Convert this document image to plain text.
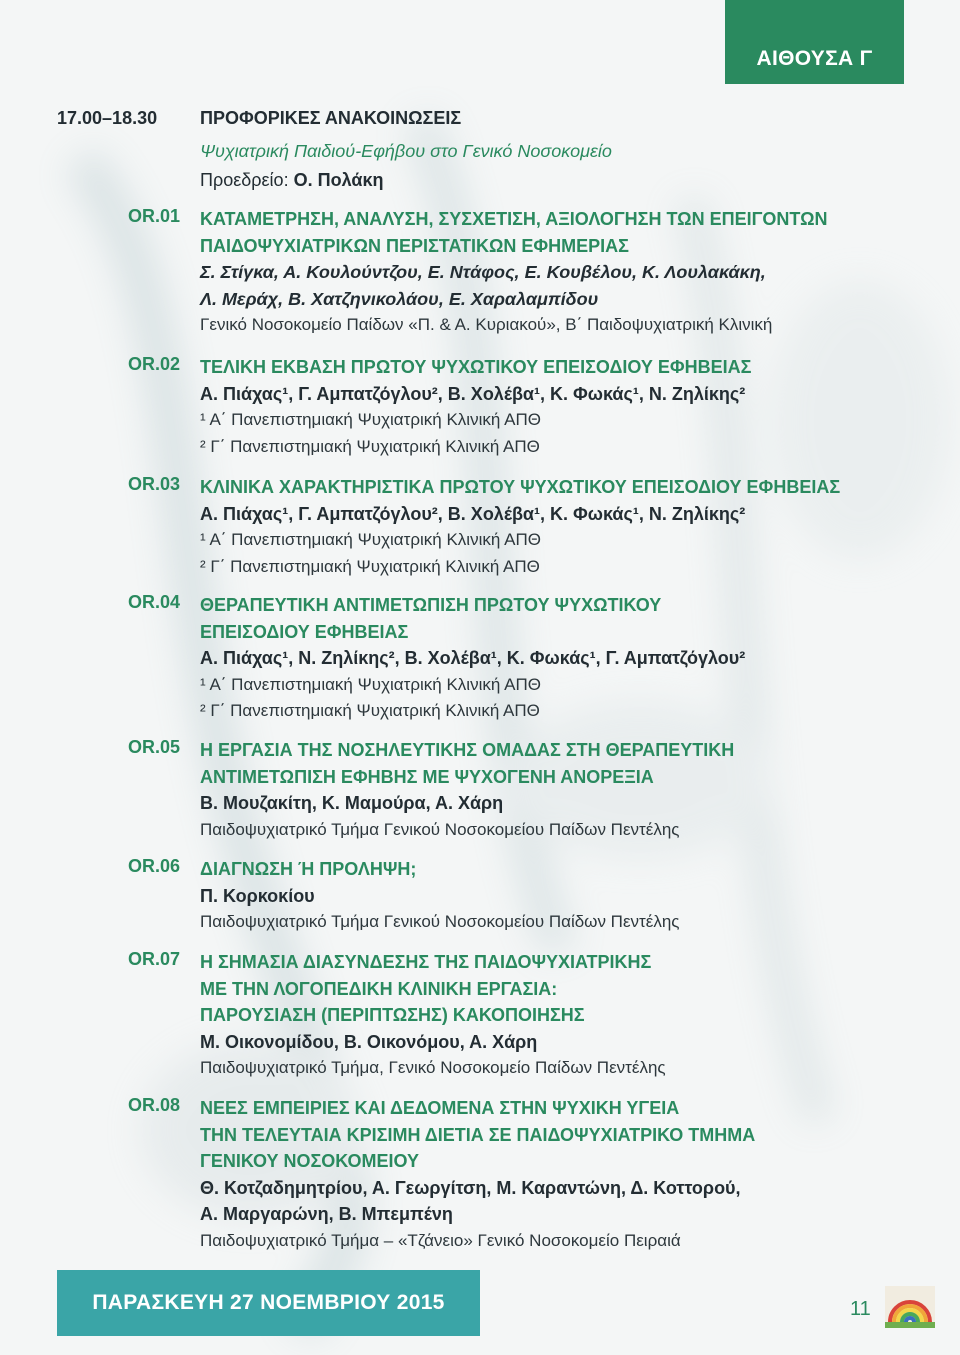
ΑΙΘΟΥΣΑ Γ
17.00–18.30 ΠΡΟΦΟΡΙΚΕΣ ΑΝΑΚΟΙΝΩΣΕΙΣ
Ψυχιατρική Παιδιού-Εφήβου στο Γενικό Νοσοκομείο
Προεδρείο: Ο. Πολάκη
OR.01 ΚΑΤΑΜΕΤΡΗΣΗ, ΑΝΑΛΥΣΗ, ΣΥΣΧΕΤΙΣΗ, ΑΞΙΟΛΟΓΗΣΗ ΤΩΝ ΕΠΕΙΓΟΝΤΩΝ
ΠΑΙΔΟΨΥΧΙΑΤΡΙΚΩΝ ΠΕΡΙΣΤΑΤΙΚΩΝ ΕΦΗΜΕΡΙΑΣ
Σ. Στίγκα, Α. Κουλούντζου, Ε. Ντάφος, Ε. Κουβέλου, Κ. Λουλακάκη,
Λ. Μεράχ, Β. Χατζηνικολάου, Ε. Χαραλαμπίδου
Γενικό Νοσοκομείο Παίδων «Π. & Α. Κυριακού», Β΄ Παιδοψυχιατρική Κλινική
OR.02 ΤΕΛΙΚΗ ΕΚΒΑΣΗ ΠΡΩΤΟΥ ΨΥΧΩΤΙΚΟΥ ΕΠΕΙΣΟΔΙΟΥ ΕΦΗΒΕΙΑΣ
Α. Πιάχας¹, Γ. Αμπατζόγλου², Β. Χολέβα¹, Κ. Φωκάς¹, Ν. Ζηλίκης²
¹ Α΄ Πανεπιστημιακή Ψυχιατρική Κλινική ΑΠΘ
² Γ΄ Πανεπιστημιακή Ψυχιατρική Κλινική ΑΠΘ
OR.03 ΚΛΙΝΙΚΑ ΧΑΡΑΚΤΗΡΙΣΤΙΚΑ ΠΡΩΤΟΥ ΨΥΧΩΤΙΚΟΥ ΕΠΕΙΣΟΔΙΟΥ ΕΦΗΒΕΙΑΣ
Α. Πιάχας¹, Γ. Αμπατζόγλου², Β. Χολέβα¹, Κ. Φωκάς¹, Ν. Ζηλίκης²
¹ Α΄ Πανεπιστημιακή Ψυχιατρική Κλινική ΑΠΘ
² Γ΄ Πανεπιστημιακή Ψυχιατρική Κλινική ΑΠΘ
OR.04 ΘΕΡΑΠΕΥΤΙΚΗ ΑΝΤΙΜΕΤΩΠΙΣΗ ΠΡΩΤΟΥ ΨΥΧΩΤΙΚΟΥ
ΕΠΕΙΣΟΔΙΟΥ ΕΦΗΒΕΙΑΣ
Α. Πιάχας¹, Ν. Ζηλίκης², Β. Χολέβα¹, Κ. Φωκάς¹, Γ. Αμπατζόγλου²
¹ Α΄ Πανεπιστημιακή Ψυχιατρική Κλινική ΑΠΘ
² Γ΄ Πανεπιστημιακή Ψυχιατρική Κλινική ΑΠΘ
OR.05 Η ΕΡΓΑΣΙΑ ΤΗΣ ΝΟΣΗΛΕΥΤΙΚΗΣ ΟΜΑΔΑΣ ΣΤΗ ΘΕΡΑΠΕΥΤΙΚΗ
ΑΝΤΙΜΕΤΩΠΙΣΗ ΕΦΗΒΗΣ ΜΕ ΨΥΧΟΓΕΝΗ ΑΝΟΡΕΞΙΑ
Β. Μουζακίτη, Κ. Μαμούρα, Α. Χάρη
Παιδοψυχιατρικό Τμήμα Γενικού Νοσοκομείου Παίδων Πεντέλης
OR.06 ΔΙΑΓΝΩΣΗ Ή ΠΡΟΛΗΨΗ;
Π. Κορκοκίου
Παιδοψυχιατρικό Τμήμα Γενικού Νοσοκομείου Παίδων Πεντέλης
OR.07 Η ΣΗΜΑΣΙΑ ΔΙΑΣΥΝΔΕΣΗΣ ΤΗΣ ΠΑΙΔΟΨΥΧΙΑΤΡΙΚΗΣ
ΜΕ ΤΗΝ ΛΟΓΟΠΕΔΙΚΗ ΚΛΙΝΙΚΗ ΕΡΓΑΣΙΑ:
ΠΑΡΟΥΣΙΑΣΗ (ΠΕΡΙΠΤΩΣΗΣ) ΚΑΚΟΠΟΙΗΣΗΣ
Μ. Οικονομίδου, Β. Οικονόμου, Α. Χάρη
Παιδοψυχιατρικό Τμήμα, Γενικό Νοσοκομείο Παίδων Πεντέλης
OR.08 ΝΕΕΣ ΕΜΠΕΙΡΙΕΣ ΚΑΙ ΔΕΔΟΜΕΝΑ ΣΤΗΝ ΨΥΧΙΚΗ ΥΓΕΙΑ
ΤΗΝ ΤΕΛΕΥΤΑΙΑ ΚΡΙΣΙΜΗ ΔΙΕΤΙΑ ΣΕ ΠΑΙΔΟΨΥΧΙΑΤΡΙΚΟ ΤΜΗΜΑ
ΓΕΝΙΚΟΥ ΝΟΣΟΚΟΜΕΙΟΥ
Θ. Κοτζαδημητρίου, Α. Γεωργίτση, Μ. Καραντώνη, Δ. Κοττορού,
Α. Μαργαρώνη, Β. Μπεμπένη
Παιδοψυχιατρικό Τμήμα – «Τζάνειο» Γενικό Νοσοκομείο Πειραιά
ΠΑΡΑΣΚΕΥΗ 27 ΝΟΕΜΒΡΙΟΥ 2015	11
